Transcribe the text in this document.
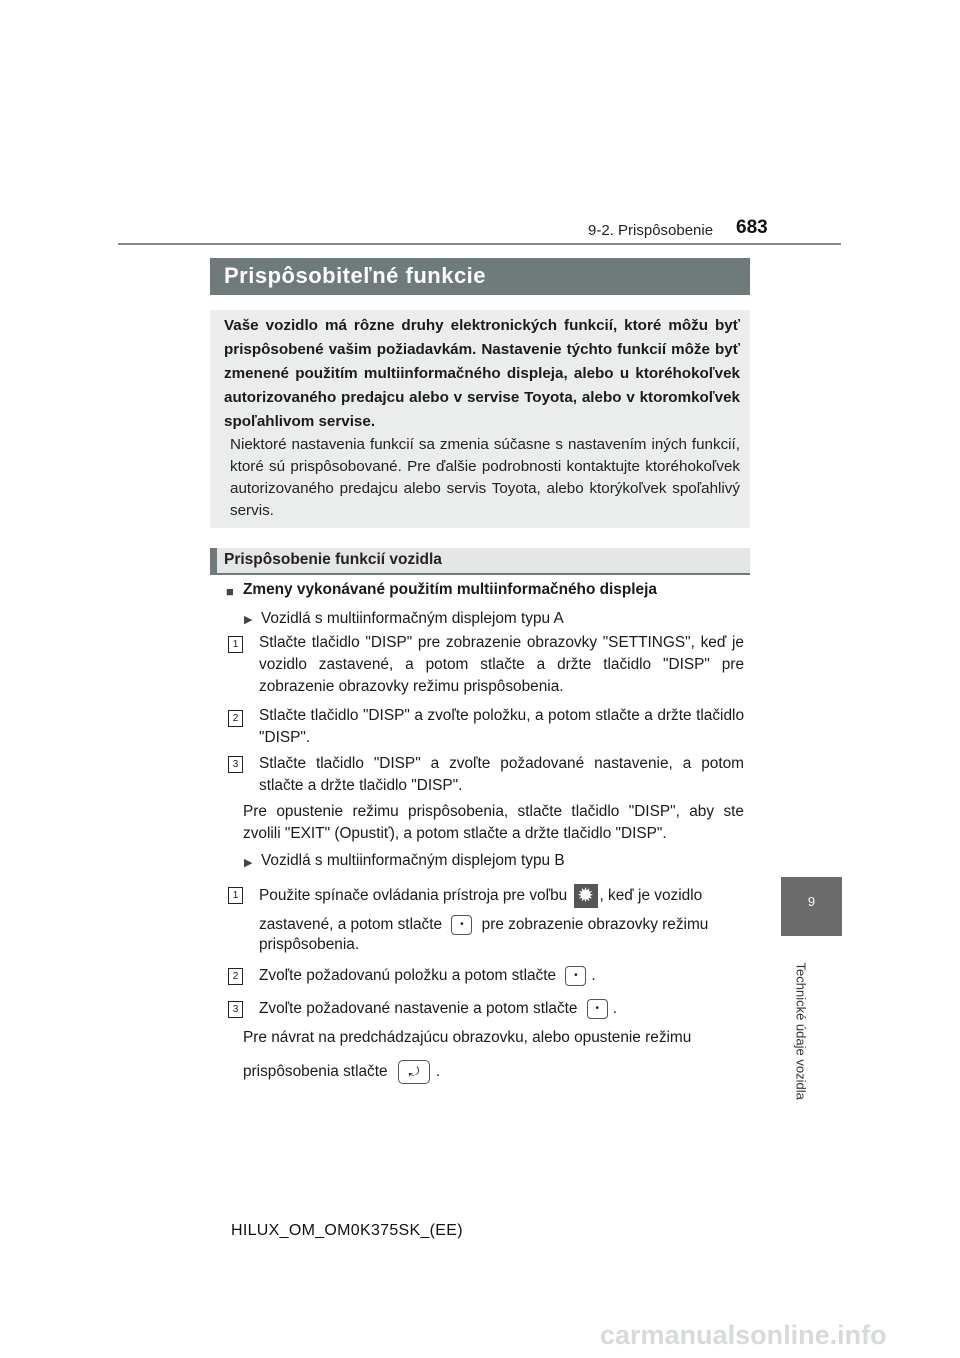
9-2. Prispôsobenie 683
9
Technické údaje vozidla
Prispôsobiteľné funkcie
Vaše vozidlo má rôzne druhy elektronických funkcií, ktoré môžu byť prispôsobené vašim požiadavkám. Nastavenie týchto funkcií môže byť zmenené použitím multiinformačného displeja, alebo u ktoréhokoľvek autorizovaného predajcu alebo v servise Toyota, alebo v ktoromkoľvek spoľahlivom servise.
Niektoré nastavenia funkcií sa zmenia súčasne s nastavením iných funkcií, ktoré sú prispôsobované. Pre ďalšie podrobnosti kontaktujte ktoréhokoľvek autorizovaného predajcu alebo servis Toyota, alebo ktorýkoľvek spoľahlivý servis.
Prispôsobenie funkcií vozidla
■ Zmeny vykonávané použitím multiinformačného displeja
▶ Vozidlá s multiinformačným displejom typu A
1	Stlačte tlačidlo "DISP" pre zobrazenie obrazovky "SETTINGS", keď je vozidlo zastavené, a potom stlačte a držte tlačidlo "DISP" pre zobrazenie obrazovky režimu prispôsobenia.
2	Stlačte tlačidlo "DISP" a zvoľte položku, a potom stlačte a držte tlačidlo "DISP".
3	Stlačte tlačidlo "DISP" a zvoľte požadované nastavenie, a potom stlačte a držte tlačidlo "DISP".
Pre opustenie režimu prispôsobenia, stlačte tlačidlo "DISP", aby ste zvolili "EXIT" (Opustiť), a potom stlačte a držte tlačidlo "DISP".
▶ Vozidlá s multiinformačným displejom typu B
1	Použite spínače ovládania prístroja pre voľbu ✹ , keď je vozidlo
zastavené, a potom stlačte • pre zobrazenie obrazovky režimu
prispôsobenia.
2	Zvoľte požadovanú položku a potom stlačte • .
3	Zvoľte požadované nastavenie a potom stlačte • .
Pre návrat na predchádzajúcu obrazovku, alebo opustenie režimu
prispôsobenia stlačte ⤾ .
HILUX_OM_OM0K375SK_(EE)
carmanualsonline.info
